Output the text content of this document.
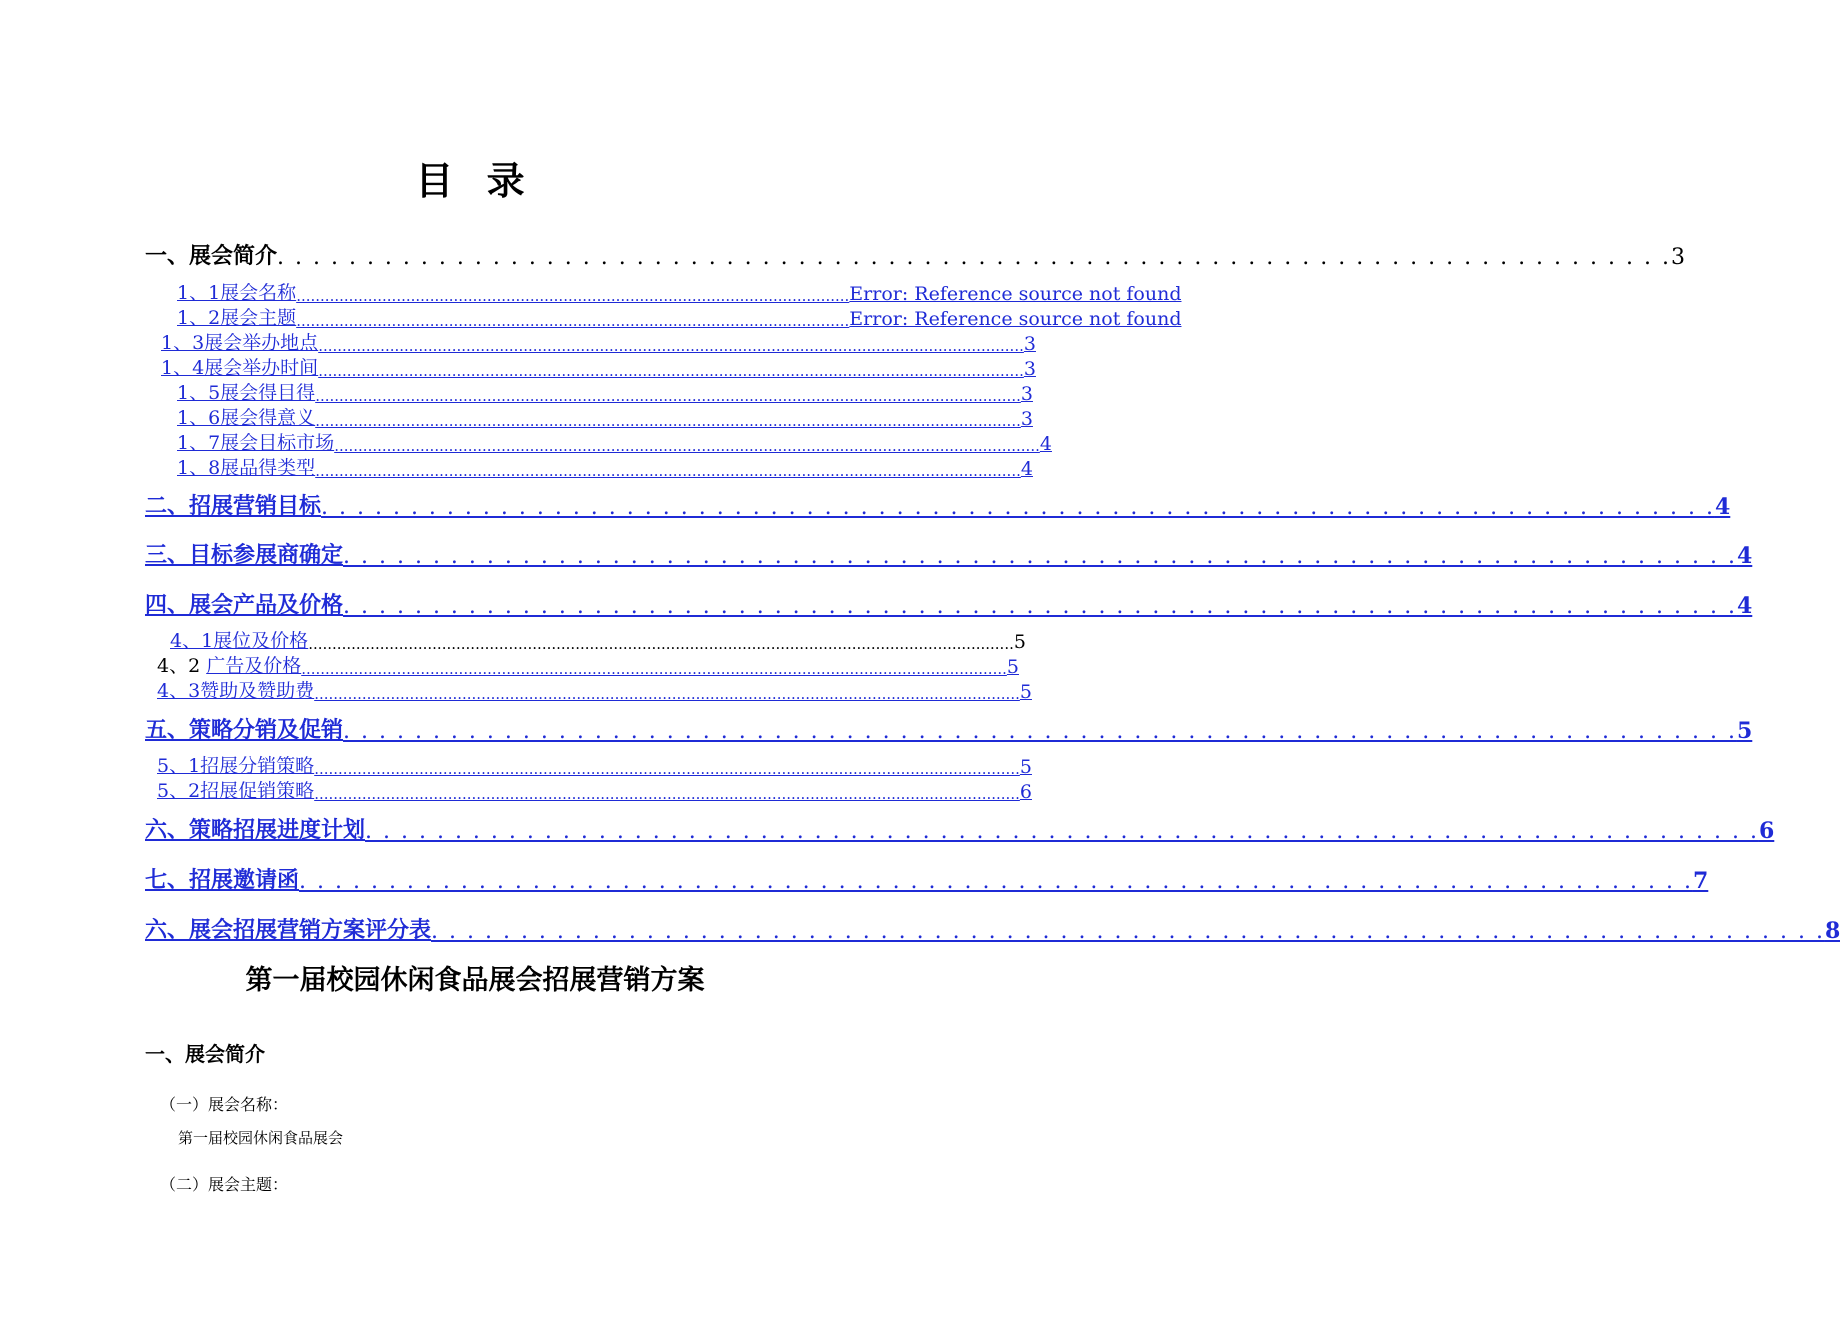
目 录
一、展会简介 . . . . . . . . . . . . . . . . . . . . . . . . . . . . . . . . . . . . . . . . . . . . . . . . . . . . . . . . . . . . . . . . . . . . . . . . . . . . . . 3
1、1展会名称 .................................................................................................................... Error: Reference source not found
1、2展会主题 .................................................................................................................... Error: Reference source not found
1、3展会举办地点 .................................................................................................................................................... 3
1、4展会举办时间 .................................................................................................................................................... 3
1、5展会得目得 .................................................................................................................................................... 3
1、6展会得意义 .................................................................................................................................................... 3
1、7展会目标市场 .................................................................................................................................................... 4
1、8展品得类型 .................................................................................................................................................... 4
二、招展营销目标 . . . . . . . . . . . . . . . . . . . . . . . . . . . . . . . . . . . . . . . . . . . . . . . . . . . . . . . . . . . . . . . . . . . . . . . . . . . . . . 4
三、目标参展商确定 . . . . . . . . . . . . . . . . . . . . . . . . . . . . . . . . . . . . . . . . . . . . . . . . . . . . . . . . . . . . . . . . . . . . . . . . . . . . . . 4
四、展会产品及价格 . . . . . . . . . . . . . . . . . . . . . . . . . . . . . . . . . . . . . . . . . . . . . . . . . . . . . . . . . . . . . . . . . . . . . . . . . . . . . . 4
4、1展位及价格 .................................................................................................................................................... 5
4、2 广告及价格 .................................................................................................................................................... 5
4、3赞助及赞助费 .................................................................................................................................................... 5
五、策略分销及促销 . . . . . . . . . . . . . . . . . . . . . . . . . . . . . . . . . . . . . . . . . . . . . . . . . . . . . . . . . . . . . . . . . . . . . . . . . . . . . . 5
5、1招展分销策略 .................................................................................................................................................... 5
5、2招展促销策略 .................................................................................................................................................... 6
六、策略招展进度计划 . . . . . . . . . . . . . . . . . . . . . . . . . . . . . . . . . . . . . . . . . . . . . . . . . . . . . . . . . . . . . . . . . . . . . . . . . . . . . . 6
七、招展邀请函 . . . . . . . . . . . . . . . . . . . . . . . . . . . . . . . . . . . . . . . . . . . . . . . . . . . . . . . . . . . . . . . . . . . . . . . . . . . . . . 7
六、展会招展营销方案评分表 . . . . . . . . . . . . . . . . . . . . . . . . . . . . . . . . . . . . . . . . . . . . . . . . . . . . . . . . . . . . . . . . . . . . . . . . . . . . . . 8
第一届校园休闲食品展会招展营销方案
一、展会简介
（一）展会名称：
第一届校园休闲食品展会
（二）展会主题：
